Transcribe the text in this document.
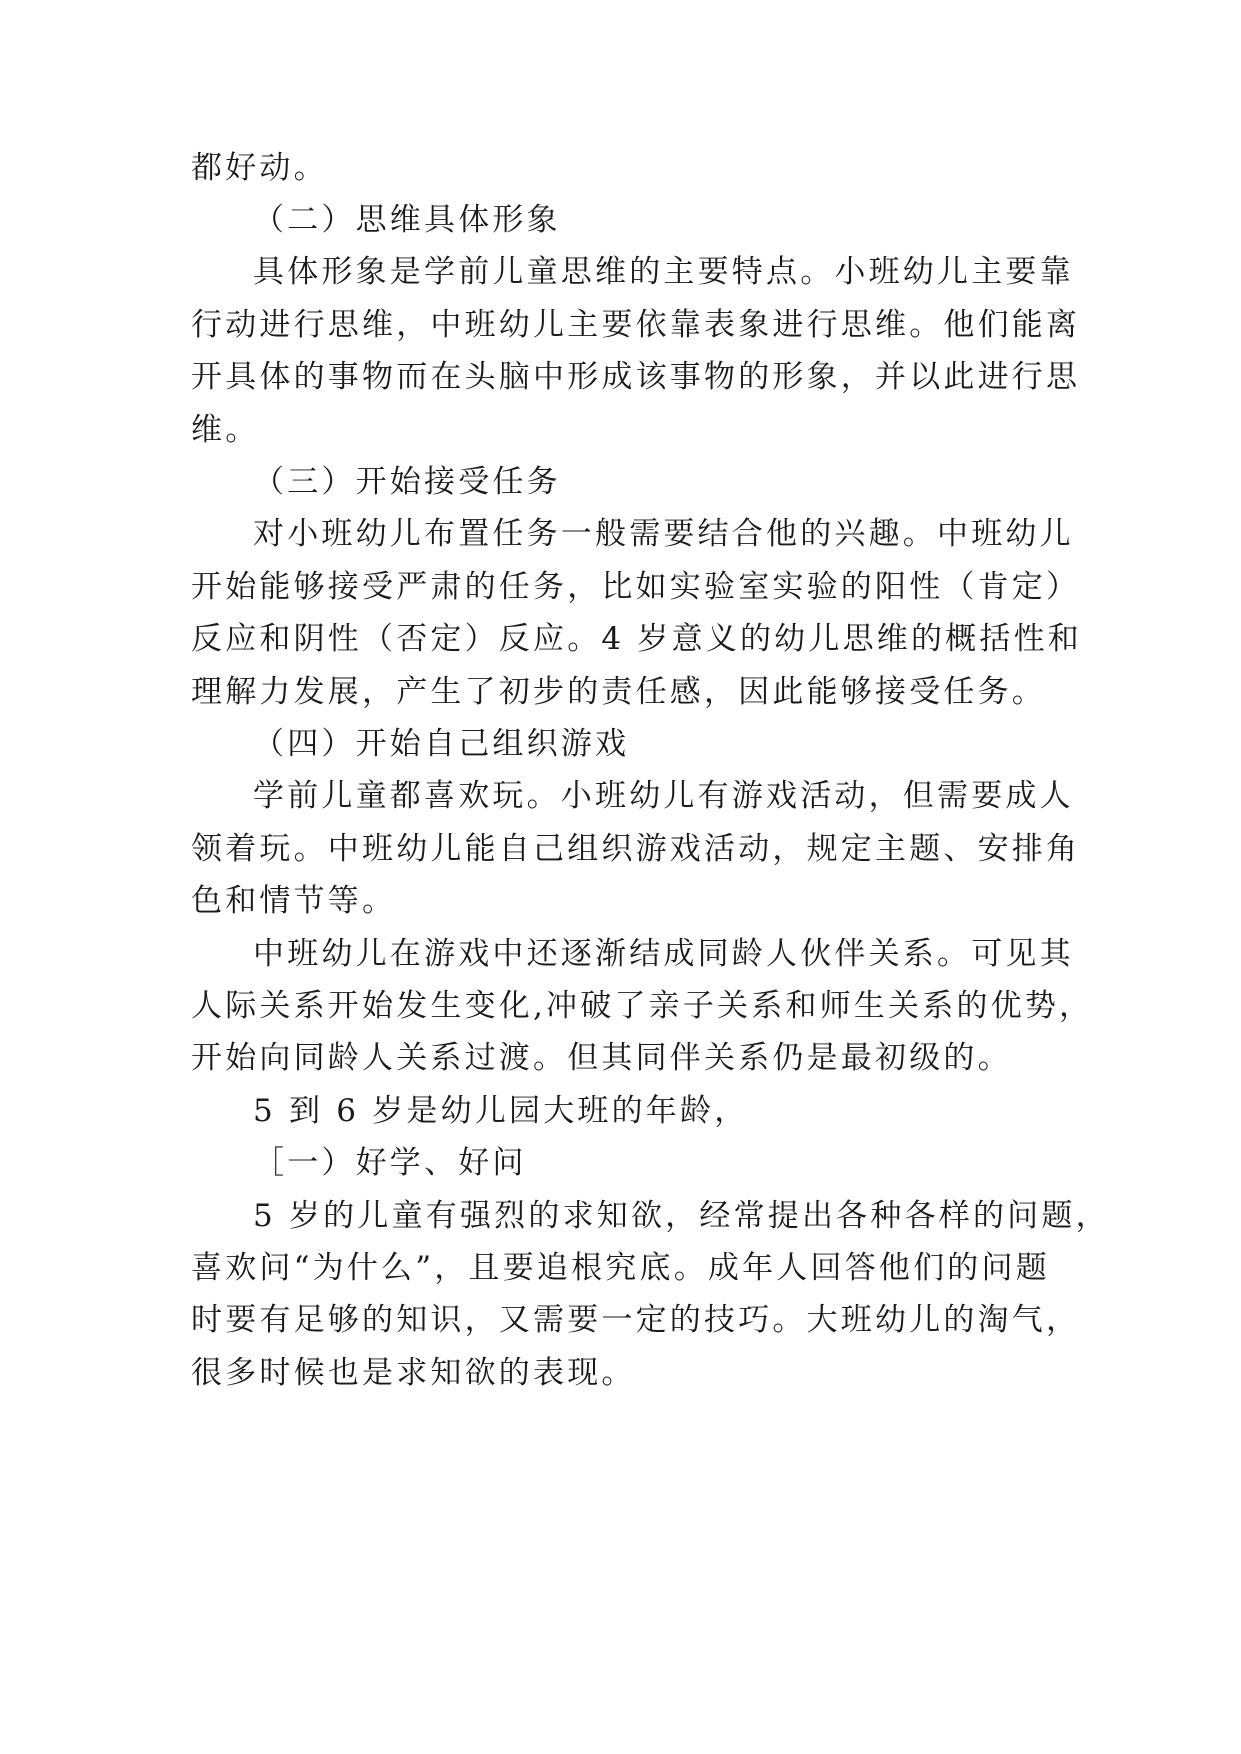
都好动。
（二）思维具体形象
具体形象是学前儿童思维的主要特点。小班幼儿主要靠
行动进行思维，中班幼儿主要依靠表象进行思维。他们能离
开具体的事物而在头脑中形成该事物的形象，并以此进行思
维。
（三）开始接受任务
对小班幼儿布置任务一般需要结合他的兴趣。中班幼儿
开始能够接受严肃的任务，比如实验室实验的阳性（肯定）
反应和阴性（否定）反应。4 岁意义的幼儿思维的概括性和
理解力发展，产生了初步的责任感，因此能够接受任务。
（四）开始自己组织游戏
学前儿童都喜欢玩。小班幼儿有游戏活动，但需要成人
领着玩。中班幼儿能自己组织游戏活动，规定主题、安排角
色和情节等。
中班幼儿在游戏中还逐渐结成同龄人伙伴关系。可见其
人际关系开始发生变化,冲破了亲子关系和师生关系的优势，
开始向同龄人关系过渡。但其同伴关系仍是最初级的。
5 到 6 岁是幼儿园大班的年龄，
［一）好学、好问
5 岁的儿童有强烈的求知欲，经常提出各种各样的问题，
喜欢问“为什么”，且要追根究底。成年人回答他们的问题
时要有足够的知识，又需要一定的技巧。大班幼儿的淘气，
很多时候也是求知欲的表现。
